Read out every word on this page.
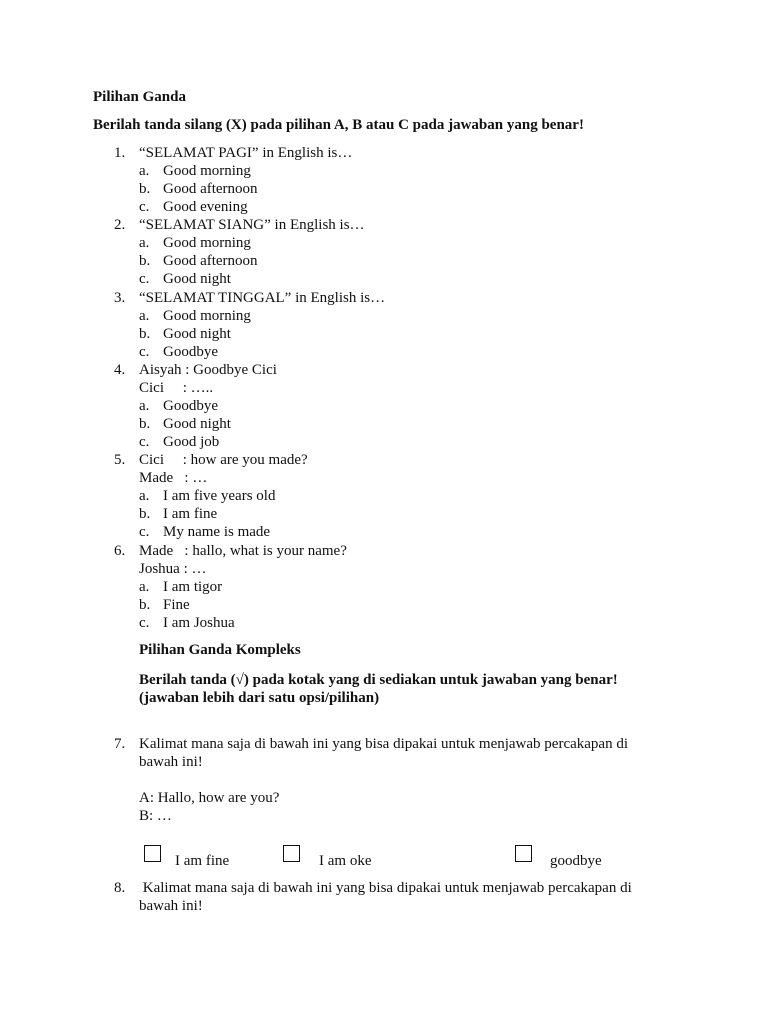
Pilihan Ganda
Berilah tanda silang (X) pada pilihan A, B atau C pada jawaban yang benar!
1. “SELAMAT PAGI” in English is…
a. Good morning
b. Good afternoon
c. Good evening
2. “SELAMAT SIANG” in English is…
a. Good morning
b. Good afternoon
c. Good night
3. “SELAMAT TINGGAL” in English is…
a. Good morning
b. Good night
c. Goodbye
4. Aisyah : Goodbye Cici
Cici     : …..
a. Goodbye
b. Good night
c. Good job
5. Cici     : how are you made?
Made   : …
a. I am five years old
b. I am fine
c. My name is made
6. Made   : hallo, what is your name?
Joshua : …
a. I am tigor
b. Fine
c. I am Joshua
Pilihan Ganda Kompleks
Berilah tanda (√) pada kotak yang di sediakan untuk jawaban yang benar!
(jawaban lebih dari satu opsi/pilihan)
7. Kalimat mana saja di bawah ini yang bisa dipakai untuk menjawab percakapan di
bawah ini!
A: Hallo, how are you?
B: …
I am fine	I am oke	goodbye
8. Kalimat mana saja di bawah ini yang bisa dipakai untuk menjawab percakapan di
bawah ini!
